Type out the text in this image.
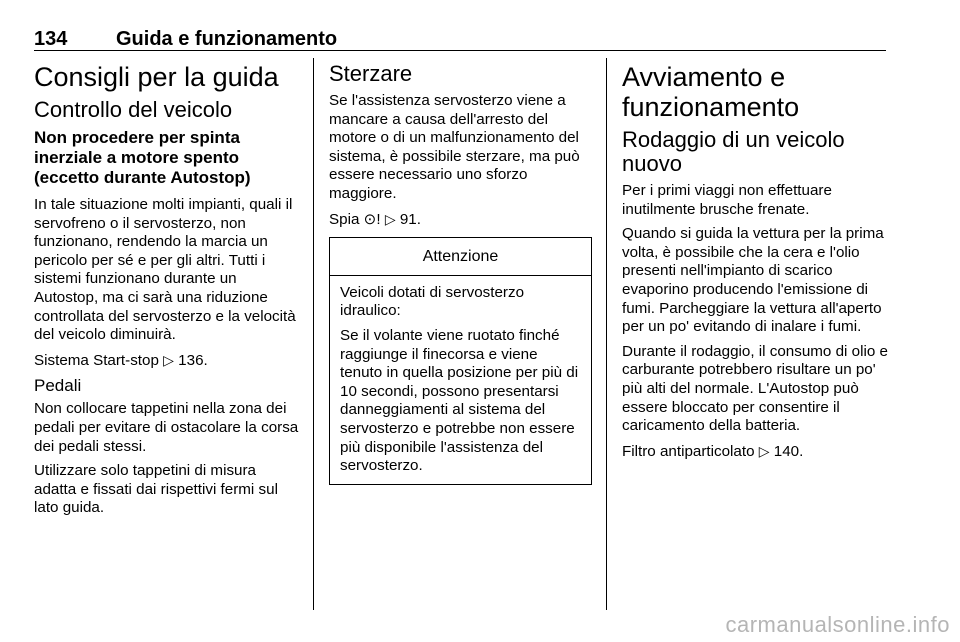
134 Guida e funzionamento
Consigli per la guida
Controllo del veicolo
Non procedere per spinta inerziale a motore spento (eccetto durante Autostop)

In tale situazione molti impianti, quali il servofreno o il servosterzo, non funzionano, rendendo la marcia un pericolo per sé e per gli altri. Tutti i sistemi funzionano durante un Autostop, ma ci sarà una riduzione controllata del servosterzo e la velocità del veicolo diminuirà.

Sistema Start-stop ▷ 136.

Pedali

Non collocare tappetini nella zona dei pedali per evitare di ostacolare la corsa dei pedali stessi.

Utilizzare solo tappetini di misura adatta e fissati dai rispettivi fermi sul lato guida.

Sterzare

Se l'assistenza servosterzo viene a mancare a causa dell'arresto del motore o di un malfunzionamento del sistema, è possibile sterzare, ma può essere necessario uno sforzo maggiore.

Spia ⊙! ▷ 91.

Attenzione

Veicoli dotati di servosterzo idraulico:

Se il volante viene ruotato finché raggiunge il finecorsa e viene tenuto in quella posizione per più di 10 secondi, possono presentarsi danneggiamenti al sistema del servosterzo e potrebbe non essere più disponibile l'assistenza del servosterzo.

Avviamento e funzionamento
Rodaggio di un veicolo nuovo

Per i primi viaggi non effettuare inutilmente brusche frenate.

Quando si guida la vettura per la prima volta, è possibile che la cera e l'olio presenti nell'impianto di scarico evaporino producendo l'emissione di fumi. Parcheggiare la vettura all'aperto per un po' evitando di inalare i fumi.

Durante il rodaggio, il consumo di olio e carburante potrebbero risultare un po' più alti del normale. L'Autostop può essere bloccato per consentire il caricamento della batteria.

Filtro antiparticolato ▷ 140.

carmanualsonline.info
